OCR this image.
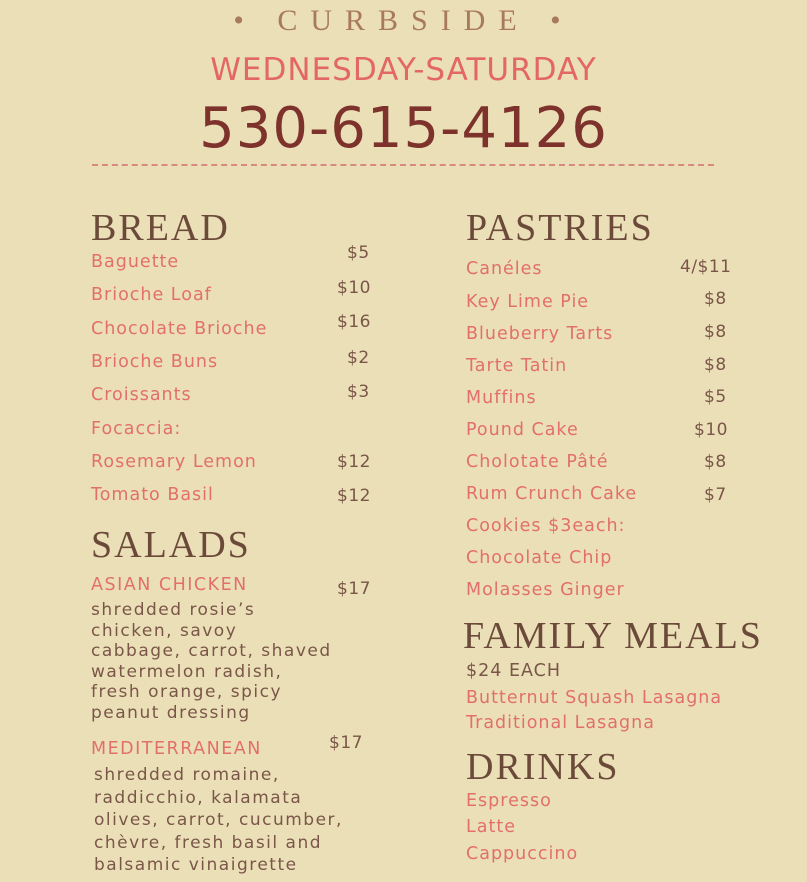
• CURBSIDE •
WEDNESDAY-SATURDAY
530-615-4126
BREAD
Baguette	$5
Brioche Loaf	$10
Chocolate Brioche	$16
Brioche Buns	$2
Croissants	$3
Focaccia:
Rosemary Lemon	$12
Tomato Basil	$12
SALADS
ASIAN CHICKEN	$17
shredded rosie’s
chicken, savoy
cabbage, carrot, shaved
watermelon radish,
fresh orange, spicy
peanut dressing
MEDITERRANEAN	$17
shredded romaine,
raddicchio, kalamata
olives, carrot, cucumber,
chèvre, fresh basil and
balsamic vinaigrette
PASTRIES
Canéles	4/$11
Key Lime Pie	$8
Blueberry Tarts	$8
Tarte Tatin	$8
Muffins	$5
Pound Cake	$10
Cholotate Pâté	$8
Rum Crunch Cake	$7
Cookies $3each:
Chocolate Chip
Molasses Ginger
FAMILY MEALS
$24 EACH
Butternut Squash Lasagna
Traditional Lasagna
DRINKS
Espresso
Latte
Cappuccino
